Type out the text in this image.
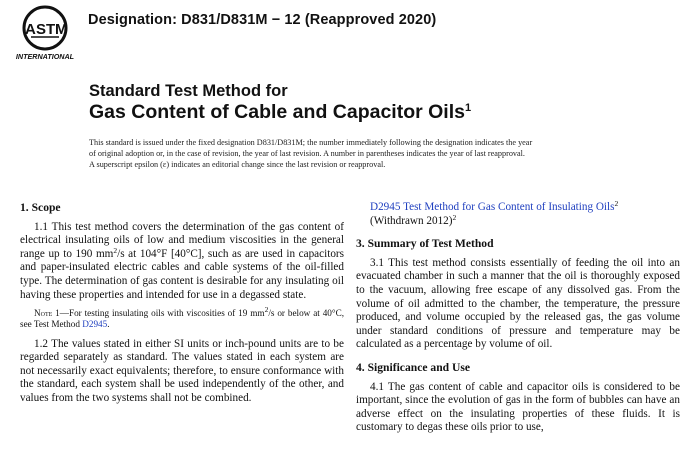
A S T M
INTERNATIONAL
Designation: D831/D831M − 12 (Reapproved 2020)
Standard Test Method for
Gas Content of Cable and Capacitor Oils$^1$
This standard is issued under the fixed designation D831/D831M; the number immediately following the designation indicates the year
of original adoption or, in the case of revision, the year of last revision. A number in parentheses indicates the year of last reapproval.
A superscript epsilon (ε) indicates an editorial change since the last revision or reapproval.
1. Scope

1.1 This test method covers the determination of the gas content of electrical insulating oils of low and medium viscosities in the general range up to 190 $mm^2/s$ at 104°F [40°C], such as are used in capacitors and paper-insulated electric cables and cable systems of the oil-filled type. The determination of gas content is desirable for any insulating oil having these properties and intended for use in a degassed state.

Note 1—For testing insulating oils with viscosities of 19 $mm^2/s$ or below at 40°C, see Test Method D2945.

1.2 The values stated in either SI units or inch-pound units are to be regarded separately as standard. The values stated in each system are not necessarily exact equivalents; therefore, to ensure conformance with the standard, each system shall be used independently of the other, and values from the two systems shall not be combined.

D2945 Test Method for Gas Content of Insulating Oils$^2$
(Withdrawn 2012)$^2$

3. Summary of Test Method

3.1 This test method consists essentially of feeding the oil into an evacuated chamber in such a manner that the oil is thoroughly exposed to the vacuum, allowing free escape of any dissolved gas. From the volume of oil admitted to the chamber, the temperature, the pressure produced, and volume occupied by the released gas, the gas volume under standard conditions of pressure and temperature may be calculated as a percentage by volume of oil.

4. Significance and Use

4.1 The gas content of cable and capacitor oils is considered to be important, since the evolution of gas in the form of bubbles can have an adverse effect on the insulating properties of these fluids. It is customary to degas these oils prior to use,
